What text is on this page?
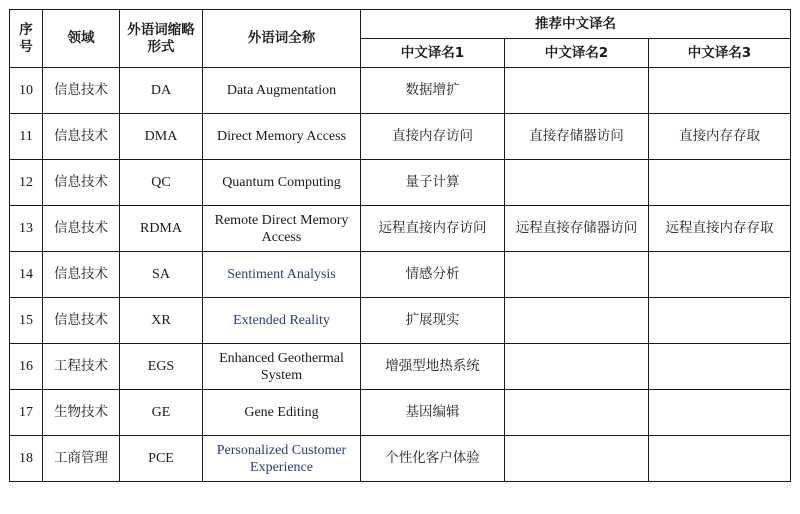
序号	领域	外语词缩略形式	外语词全称	推荐中文译名		
				中文译名1	中文译名2	中文译名3
10	信息技术	DA	Data Augmentation	数据增扩		
11	信息技术	DMA	Direct Memory Access	直接内存访问	直接存储器访问	直接内存存取
12	信息技术	QC	Quantum Computing	量子计算		
13	信息技术	RDMA	Remote Direct Memory Access	远程直接内存访问	远程直接存储器访问	远程直接内存存取
14	信息技术	SA	Sentiment Analysis	情感分析		
15	信息技术	XR	Extended Reality	扩展现实		
16	工程技术	EGS	Enhanced Geothermal System	增强型地热系统		
17	生物技术	GE	Gene Editing	基因编辑		
18	工商管理	PCE	Personalized Customer Experience	个性化客户体验		
